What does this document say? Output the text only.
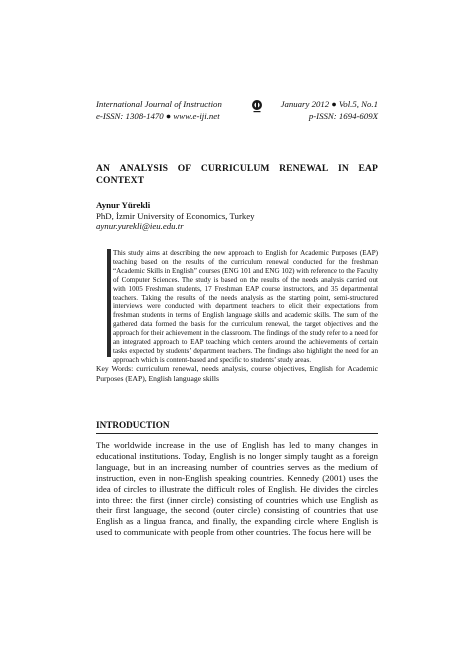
International Journal of Instruction
e-ISSN: 1308-1470 ● www.e-iji.net
January 2012 ● Vol.5, No.1
p-ISSN: 1694-609X
AN ANALYSIS OF CURRICULUM RENEWAL IN EAP
CONTEXT
Aynur Yürekli
PhD, İzmir University of Economics, Turkey
aynur.yurekli@ieu.edu.tr
This study aims at describing the new approach to English for Academic Purposes (EAP) teaching based on the results of the curriculum renewal conducted for the freshman “Academic Skills in English” courses (ENG 101 and ENG 102) with reference to the Faculty of Computer Sciences. The study is based on the results of the needs analysis carried out with 1005 Freshman students, 17 Freshman EAP course instructors, and 35 departmental teachers. Taking the results of the needs analysis as the starting point, semi-structured interviews were conducted with department teachers to elicit their expectations from freshman students in terms of English language skills and academic skills. The sum of the gathered data formed the basis for the curriculum renewal, the target objectives and the approach for their achievement in the classroom. The findings of the study refer to a need for an integrated approach to EAP teaching which centers around the achievements of certain tasks expected by students’ department teachers. The findings also highlight the need for an approach which is content-based and specific to students’ study areas.
Key Words: curriculum renewal, needs analysis, course objectives, English for Academic Purposes (EAP), English language skills
INTRODUCTION
The worldwide increase in the use of English has led to many changes in educational institutions. Today, English is no longer simply taught as a foreign language, but in an increasing number of countries serves as the medium of instruction, even in non-English speaking countries. Kennedy (2001) uses the idea of circles to illustrate the difficult roles of English. He divides the circles into three: the first (inner circle) consisting of countries which use English as their first language, the second (outer circle) consisting of countries that use English as a lingua franca, and finally, the expanding circle where English is used to communicate with people from other countries. The focus here will be
